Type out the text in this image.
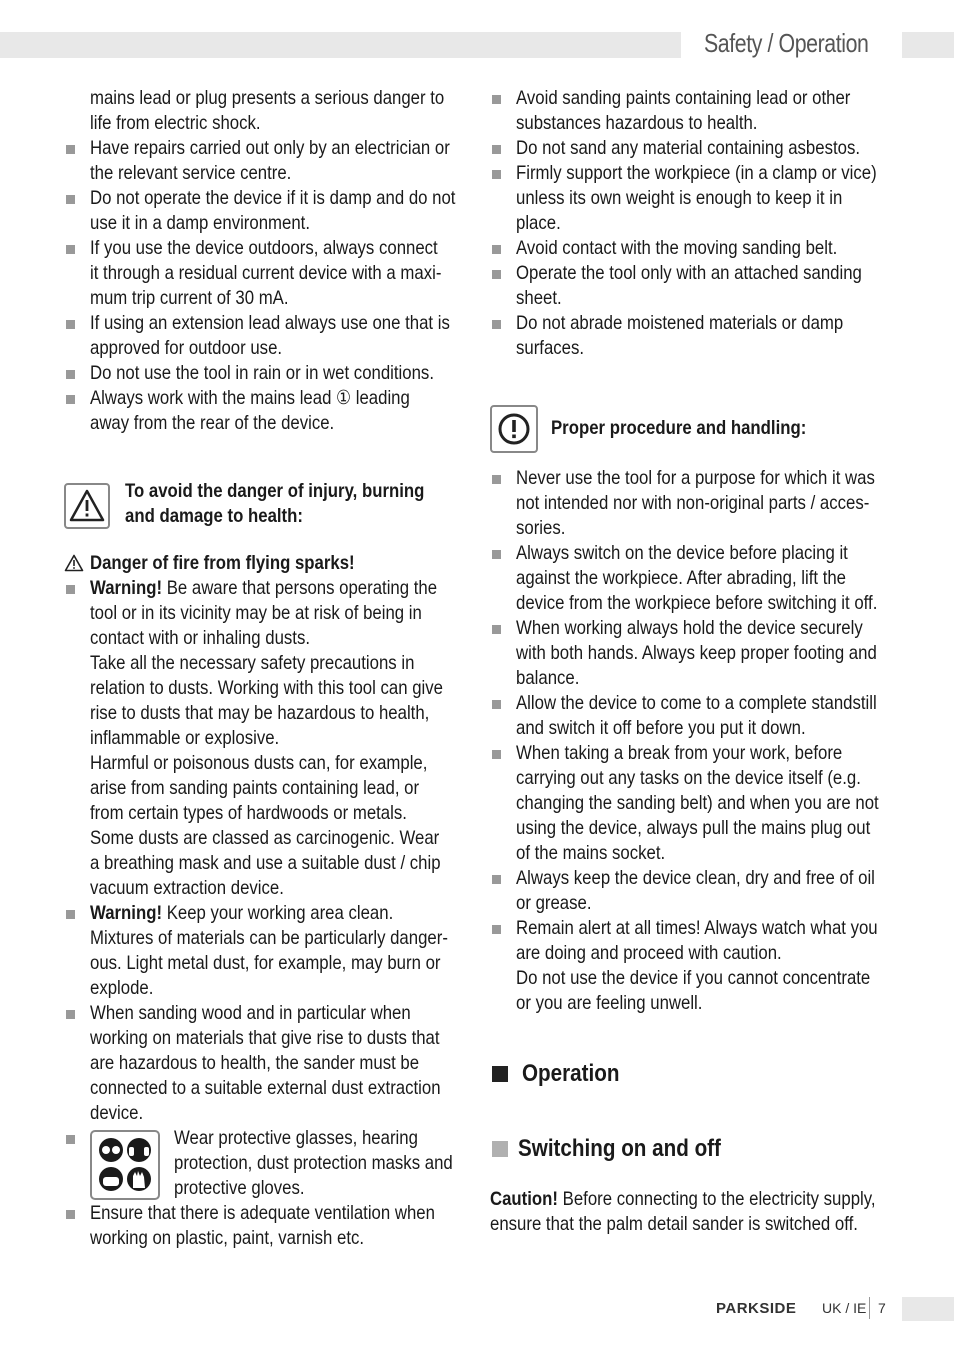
Safety / Operation
mains lead or plug presents a serious danger to
life from electric shock.
Have repairs carried out only by an electrician or
the relevant service centre.
Do not operate the device if it is damp and do not
use it in a damp environment.
If you use the device outdoors, always connect
it through a residual current device with a maxi-
mum trip current of 30 mA.
If using an extension lead always use one that is
approved for outdoor use.
Do not use the tool in rain or in wet conditions.
Always work with the mains lead ① leading
away from the rear of the device.
To avoid the danger of injury, burning
and damage to health:
Danger of fire from flying sparks!
Warning! Be aware that persons operating the
tool or in its vicinity may be at risk of being in
contact with or inhaling dusts.
Take all the necessary safety precautions in
relation to dusts. Working with this tool can give
rise to dusts that may be hazardous to health,
inflammable or explosive.
Harmful or poisonous dusts can, for example,
arise from sanding paints containing lead, or
from certain types of hardwoods or metals.
Some dusts are classed as carcinogenic. Wear
a breathing mask and use a suitable dust / chip
vacuum extraction device.
Warning! Keep your working area clean.
Mixtures of materials can be particularly danger-
ous. Light metal dust, for example, may burn or
explode.
When sanding wood and in particular when
working on materials that give rise to dusts that
are hazardous to health, the sander must be
connected to a suitable external dust extraction
device.
Wear protective glasses, hearing
protection, dust protection masks and
protective gloves.
Ensure that there is adequate ventilation when
working on plastic, paint, varnish etc.
Avoid sanding paints containing lead or other
substances hazardous to health.
Do not sand any material containing asbestos.
Firmly support the workpiece (in a clamp or vice)
unless its own weight is enough to keep it in
place.
Avoid contact with the moving sanding belt.
Operate the tool only with an attached sanding
sheet.
Do not abrade moistened materials or damp
surfaces.
Proper procedure and handling:
Never use the tool for a purpose for which it was
not intended nor with non-original parts / acces-
sories.
Always switch on the device before placing it
against the workpiece. After abrading, lift the
device from the workpiece before switching it off.
When working always hold the device securely
with both hands. Always keep proper footing and
balance.
Allow the device to come to a complete standstill
and switch it off before you put it down.
When taking a break from your work, before
carrying out any tasks on the device itself (e.g.
changing the sanding belt) and when you are not
using the device, always pull the mains plug out
of the mains socket.
Always keep the device clean, dry and free of oil
or grease.
Remain alert at all times! Always watch what you
are doing and proceed with caution.
Do not use the device if you cannot concentrate
or you are feeling unwell.
Operation
Switching on and off
Caution! Before connecting to the electricity supply,
ensure that the palm detail sander is switched off.
PARKSIDE UK / IE 7
